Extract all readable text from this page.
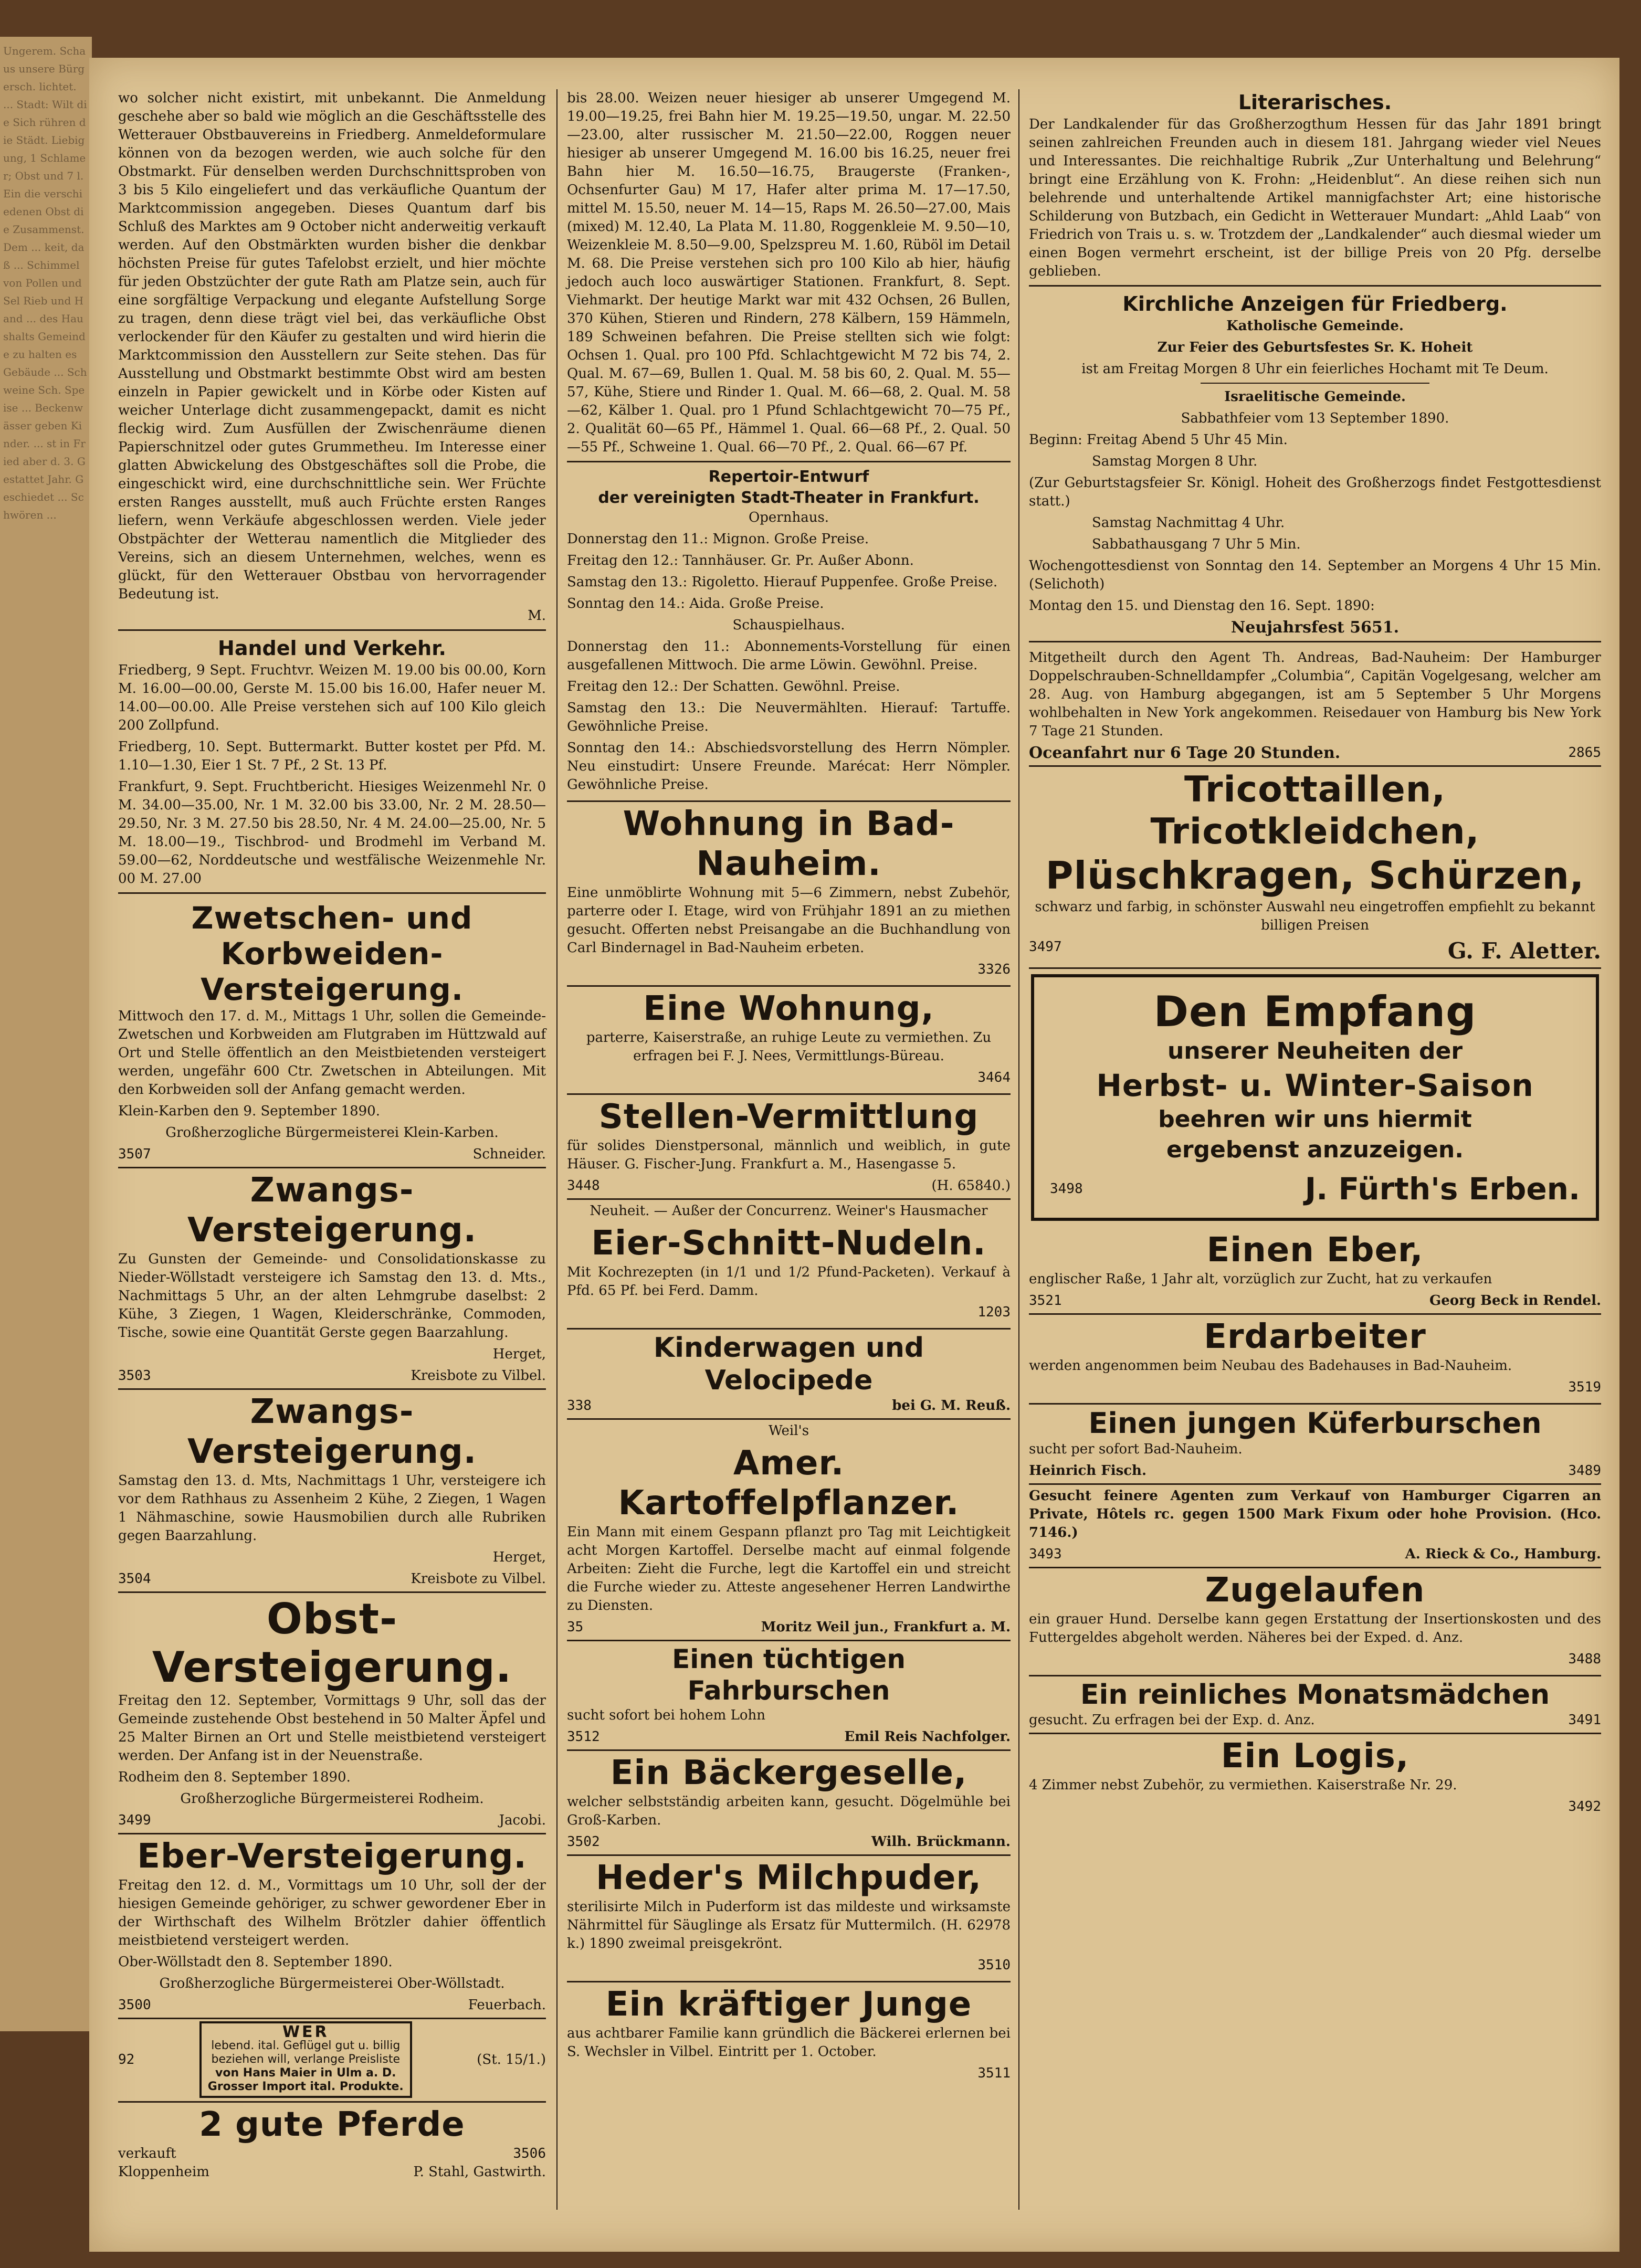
Ungerem. Schaus unsere Bürgersch. lichtet. ... Stadt: Wilt die Sich rühren die Städt. Liebig ung, 1 Schlamer; Obst und 7 l. Ein die verschiedenen Obst die Zusammenst. Dem ... keit, daß ... Schimmel von Pollen und Sel Rieb und Hand ... des Haushalts Gemeinde zu halten es Gebäude ... Schweine Sch. Speise ... Beckenwässer geben Kinder. ... st in Fried aber d. 3. Gestattet Jahr. Geschiedet ... Schwören ...

wo solcher nicht existirt, mit unbekannt. Die Anmeldung geschehe aber so bald wie möglich an die Geschäftsstelle des Wetterauer Obstbauvereins in Friedberg. Anmeldeformulare können von da bezogen werden, wie auch solche für den Obstmarkt. Für denselben werden Durchschnittsproben von 3 bis 5 Kilo eingeliefert und das verkäufliche Quantum der Marktcommission angegeben. Dieses Quantum darf bis Schluß des Marktes am 9 October nicht anderweitig verkauft werden. Auf den Obstmärkten wurden bisher die denkbar höchsten Preise für gutes Tafelobst erzielt, und hier möchte für jeden Obstzüchter der gute Rath am Platze sein, auch für eine sorgfältige Verpackung und elegante Aufstellung Sorge zu tragen, denn diese trägt viel bei, das verkäufliche Obst verlockender für den Käufer zu gestalten und wird hierin die Marktcommission den Ausstellern zur Seite stehen. Das für Ausstellung und Obstmarkt bestimmte Obst wird am besten einzeln in Papier gewickelt und in Körbe oder Kisten auf weicher Unterlage dicht zusammengepackt, damit es nicht fleckig wird. Zum Ausfüllen der Zwischenräume dienen Papierschnitzel oder gutes Grummetheu. Im Interesse einer glatten Abwickelung des Obstgeschäftes soll die Probe, die eingeschickt wird, eine durchschnittliche sein. Wer Früchte ersten Ranges ausstellt, muß auch Früchte ersten Ranges liefern, wenn Verkäufe abgeschlossen werden. Viele jeder Obstpächter der Wetterau namentlich die Mitglieder des Vereins, sich an diesem Unternehmen, welches, wenn es glückt, für den Wetterauer Obstbau von hervorragender Bedeutung ist.

M.

Handel und Verkehr.

Friedberg, 9 Sept. Fruchtvr. Weizen M. 19.00 bis 00.00, Korn M. 16.00—00.00, Gerste M. 15.00 bis 16.00, Hafer neuer M. 14.00—00.00. Alle Preise verstehen sich auf 100 Kilo gleich 200 Zollpfund.

Friedberg, 10. Sept. Buttermarkt. Butter kostet per Pfd. M. 1.10—1.30, Eier 1 St. 7 Pf., 2 St. 13 Pf.

Frankfurt, 9. Sept. Fruchtbericht. Hiesiges Weizenmehl Nr. 0 M. 34.00—35.00, Nr. 1 M. 32.00 bis 33.00, Nr. 2 M. 28.50—29.50, Nr. 3 M. 27.50 bis 28.50, Nr. 4 M. 24.00—25.00, Nr. 5 M. 18.00—19., Tischbrod- und Brodmehl im Verband M. 59.00—62, Norddeutsche und westfälische Weizenmehle Nr. 00 M. 27.00

Zwetschen- und Korbweiden-Versteigerung.

Mittwoch den 17. d. M., Mittags 1 Uhr, sollen die Gemeinde-Zwetschen und Korbweiden am Flutgraben im Hüttzwald auf Ort und Stelle öffentlich an den Meistbietenden versteigert werden, ungefähr 600 Ctr. Zwetschen in Abteilungen. Mit den Korbweiden soll der Anfang gemacht werden.

Klein-Karben den 9. September 1890.

Großherzogliche Bürgermeisterei Klein-Karben.

3507	Schneider.
Zwangs-Versteigerung.

Zu Gunsten der Gemeinde- und Consolidationskasse zu Nieder-Wöllstadt versteigere ich Samstag den 13. d. Mts., Nachmittags 5 Uhr, an der alten Lehmgrube daselbst: 2 Kühe, 3 Ziegen, 1 Wagen, Kleiderschränke, Commoden, Tische, sowie eine Quantität Gerste gegen Baarzahlung.

Herget,

3503	Kreisbote zu Vilbel.
Zwangs-Versteigerung.

Samstag den 13. d. Mts, Nachmittags 1 Uhr, versteigere ich vor dem Rathhaus zu Assenheim 2 Kühe, 2 Ziegen, 1 Wagen 1 Nähmaschine, sowie Hausmobilien durch alle Rubriken gegen Baarzahlung.

Herget,

3504	Kreisbote zu Vilbel.
Obst-Versteigerung.

Freitag den 12. September, Vormittags 9 Uhr, soll das der Gemeinde zustehende Obst bestehend in 50 Malter Äpfel und 25 Malter Birnen an Ort und Stelle meistbietend versteigert werden. Der Anfang ist in der Neuenstraße.

Rodheim den 8. September 1890.

Großherzogliche Bürgermeisterei Rodheim.

3499	Jacobi.
Eber-Versteigerung.

Freitag den 12. d. M., Vormittags um 10 Uhr, soll der der hiesigen Gemeinde gehöriger, zu schwer gewordener Eber in der Wirthschaft des Wilhelm Brötzler dahier öffentlich meistbietend versteigert werden.

Ober-Wöllstadt den 8. September 1890.

Großherzogliche Bürgermeisterei Ober-Wöllstadt.

3500	Feuerbach.
92
WER
lebend. ital. Geflügel gut u. billig
beziehen will, verlange Preisliste
von Hans Maier in Ulm a. D.
Grosser Import ital. Produkte.
(St. 15/1.)
2 gute Pferde
verkauft	3506
Kloppenheim	P. Stahl, Gastwirth.

bis 28.00. Weizen neuer hiesiger ab unserer Umgegend M. 19.00—19.25, frei Bahn hier M. 19.25—19.50, ungar. M. 22.50—23.00, alter russischer M. 21.50—22.00, Roggen neuer hiesiger ab unserer Umgegend M. 16.00 bis 16.25, neuer frei Bahn hier M. 16.50—16.75, Braugerste (Franken-, Ochsenfurter Gau) M 17, Hafer alter prima M. 17—17.50, mittel M. 15.50, neuer M. 14—15, Raps M. 26.50—27.00, Mais (mixed) M. 12.40, La Plata M. 11.80, Roggenkleie M. 9.50—10, Weizenkleie M. 8.50—9.00, Spelzspreu M. 1.60, Rüböl im Detail M. 68. Die Preise verstehen sich pro 100 Kilo ab hier, häufig jedoch auch loco auswärtiger Stationen. Frankfurt, 8. Sept. Viehmarkt. Der heutige Markt war mit 432 Ochsen, 26 Bullen, 370 Kühen, Stieren und Rindern, 278 Kälbern, 159 Hämmeln, 189 Schweinen befahren. Die Preise stellten sich wie folgt: Ochsen 1. Qual. pro 100 Pfd. Schlachtgewicht M 72 bis 74, 2. Qual. M. 67—69, Bullen 1. Qual. M. 58 bis 60, 2. Qual. M. 55—57, Kühe, Stiere und Rinder 1. Qual. M. 66—68, 2. Qual. M. 58—62, Kälber 1. Qual. pro 1 Pfund Schlachtgewicht 70—75 Pf., 2. Qualität 60—65 Pf., Hämmel 1. Qual. 66—68 Pf., 2. Qual. 50—55 Pf., Schweine 1. Qual. 66—70 Pf., 2. Qual. 66—67 Pf.

Repertoir-Entwurf
der vereinigten Stadt-Theater in Frankfurt.

Opernhaus.

Donnerstag den 11.: Mignon. Große Preise.

Freitag den 12.: Tannhäuser. Gr. Pr. Außer Abonn.

Samstag den 13.: Rigoletto. Hierauf Puppenfee. Große Preise.

Sonntag den 14.: Aida. Große Preise.

Schauspielhaus.

Donnerstag den 11.: Abonnements-Vorstellung für einen ausgefallenen Mittwoch. Die arme Löwin. Gewöhnl. Preise.

Freitag den 12.: Der Schatten. Gewöhnl. Preise.

Samstag den 13.: Die Neuvermählten. Hierauf: Tartuffe. Gewöhnliche Preise.

Sonntag den 14.: Abschiedsvorstellung des Herrn Nömpler. Neu einstudirt: Unsere Freunde. Marécat: Herr Nömpler. Gewöhnliche Preise.

Wohnung in Bad-Nauheim.

Eine unmöblirte Wohnung mit 5—6 Zimmern, nebst Zubehör, parterre oder I. Etage, wird von Frühjahr 1891 an zu miethen gesucht. Offerten nebst Preisangabe an die Buchhandlung von Carl Bindernagel in Bad-Nauheim erbeten.

3326

Eine Wohnung,

parterre, Kaiserstraße, an ruhige Leute zu vermiethen. Zu erfragen bei F. J. Nees, Vermittlungs-Büreau.

3464

Stellen-Vermittlung

für solides Dienstpersonal, männlich und weiblich, in gute Häuser. G. Fischer-Jung. Frankfurt a. M., Hasengasse 5.

3448	(H. 65840.)

Neuheit. — Außer der Concurrenz. Weiner's Hausmacher

Eier-Schnitt-Nudeln.

Mit Kochrezepten (in 1/1 und 1/2 Pfund-Packeten). Verkauf à Pfd. 65 Pf. bei Ferd. Damm.

1203

Kinderwagen und Velocipede
338	bei G. M. Reuß.

Weil's

Amer. Kartoffelpflanzer.

Ein Mann mit einem Gespann pflanzt pro Tag mit Leichtigkeit acht Morgen Kartoffel. Derselbe macht auf einmal folgende Arbeiten: Zieht die Furche, legt die Kartoffel ein und streicht die Furche wieder zu. Atteste angesehener Herren Landwirthe zu Diensten.

35	Moritz Weil jun., Frankfurt a. M.
Einen tüchtigen Fahrburschen

sucht sofort bei hohem Lohn

3512	Emil Reis Nachfolger.
Ein Bäckergeselle,

welcher selbstständig arbeiten kann, gesucht. Dögelmühle bei Groß-Karben.

3502	Wilh. Brückmann.
Heder's Milchpuder,

sterilisirte Milch in Puderform ist das mildeste und wirksamste Nährmittel für Säuglinge als Ersatz für Muttermilch. (H. 62978 k.) 1890 zweimal preisgekrönt.

3510

Ein kräftiger Junge

aus achtbarer Familie kann gründlich die Bäckerei erlernen bei S. Wechsler in Vilbel. Eintritt per 1. October.

3511

Literarisches.

Der Landkalender für das Großherzogthum Hessen für das Jahr 1891 bringt seinen zahlreichen Freunden auch in diesem 181. Jahrgang wieder viel Neues und Interessantes. Die reichhaltige Rubrik „Zur Unterhaltung und Belehrung“ bringt eine Erzählung von K. Frohn: „Heidenblut“. An diese reihen sich nun belehrende und unterhaltende Artikel mannigfachster Art; eine historische Schilderung von Butzbach, ein Gedicht in Wetterauer Mundart: „Ahld Laab“ von Friedrich von Trais u. s. w. Trotzdem der „Landkalender“ auch diesmal wieder um einen Bogen vermehrt erscheint, ist der billige Preis von 20 Pfg. derselbe geblieben.

Kirchliche Anzeigen für Friedberg.

Katholische Gemeinde.

Zur Feier des Geburtsfestes Sr. K. Hoheit

ist am Freitag Morgen 8 Uhr ein feierliches Hochamt mit Te Deum.

Israelitische Gemeinde.

Sabbathfeier vom 13 September 1890.

Beginn: Freitag Abend 5 Uhr 45 Min.

Samstag Morgen 8 Uhr.

(Zur Geburtstagsfeier Sr. Königl. Hoheit des Großherzogs findet Festgottesdienst statt.)

Samstag Nachmittag 4 Uhr.

Sabbathausgang 7 Uhr 5 Min.

Wochengottesdienst von Sonntag den 14. September an Morgens 4 Uhr 15 Min. (Selichoth)

Montag den 15. und Dienstag den 16. Sept. 1890:

Neujahrsfest 5651.

Mitgetheilt durch den Agent Th. Andreas, Bad-Nauheim: Der Hamburger Doppelschrauben-Schnelldampfer „Columbia“, Capitän Vogelgesang, welcher am 28. Aug. von Hamburg abgegangen, ist am 5 September 5 Uhr Morgens wohlbehalten in New York angekommen. Reisedauer von Hamburg bis New York 7 Tage 21 Stunden.

Oceanfahrt nur 6 Tage 20 Stunden.	2865
Tricottaillen,
Tricotkleidchen,
Plüschkragen, Schürzen,

schwarz und farbig, in schönster Auswahl neu eingetroffen empfiehlt zu bekannt billigen Preisen

3497	G. F. Aletter.
Den Empfang
unserer Neuheiten der
Herbst- u. Winter-Saison
beehren wir uns hiermit
ergebenst anzuzeigen.
3498	J. Fürth's Erben.
Einen Eber,

englischer Raße, 1 Jahr alt, vorzüglich zur Zucht, hat zu verkaufen

3521	Georg Beck in Rendel.
Erdarbeiter

werden angenommen beim Neubau des Badehauses in Bad-Nauheim.

3519

Einen jungen Küferburschen

sucht per sofort Bad-Nauheim.

Heinrich Fisch.	3489

Gesucht feinere Agenten zum Verkauf von Hamburger Cigarren an Private, Hôtels rc. gegen 1500 Mark Fixum oder hohe Provision. (Hco. 7146.)

3493	A. Rieck & Co., Hamburg.
Zugelaufen

ein grauer Hund. Derselbe kann gegen Erstattung der Insertionskosten und des Futtergeldes abgeholt werden. Näheres bei der Exped. d. Anz.

3488

Ein reinliches Monatsmädchen
gesucht. Zu erfragen bei der Exp. d. Anz.	3491
Ein Logis,

4 Zimmer nebst Zubehör, zu vermiethen. Kaiserstraße Nr. 29.

3492
